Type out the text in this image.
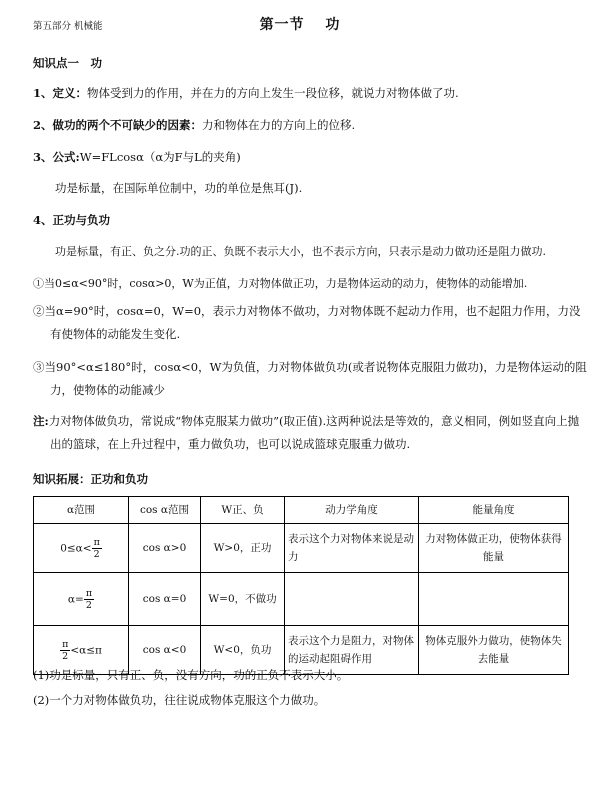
第五部分 机械能	第一节　 功
知识点一　功
1、定义：物体受到力的作用，并在力的方向上发生一段位移，就说力对物体做了功.
2、做功的两个不可缺少的因素：力和物体在力的方向上的位移.
3、公式:W=FLcosα（α为F与L的夹角)
功是标量，在国际单位制中，功的单位是焦耳(J).
4、正功与负功
功是标量，有正、负之分.功的正、负既不表示大小，也不表示方向，只表示是动力做功还是阻力做功.
①当0≤α<90°时，cosα>0，W为正值，力对物体做正功，力是物体运动的动力，使物体的动能增加.
②当α=90°时，cosα=0，W=0，表示力对物体不做功，力对物体既不起动力作用，也不起阻力作用，力没有使物体的动能发生变化.
③当90°<α≤180°时，cosα<0，W为负值，力对物体做负功(或者说物体克服阻力做功)，力是物体运动的阻力，使物体的动能减少
注:力对物体做负功，常说成“物体克服某力做功”(取正值).这两种说法是等效的，意义相同，例如竖直向上抛出的篮球，在上升过程中，重力做负功，也可以说成篮球克服重力做功.
知识拓展：正功和负功
α范围	cos α范围	W正、负	动力学角度	能量角度
$0\le\alpha< \frac{\pi}{2}$	cos α>0	W>0，正功	表示这个力对物体来说是动力	力对物体做正功，使物体获得能量
$\alpha= \frac{\pi}{2}$	cos α=0	W=0，不做功		

$\frac{\pi}{2} <\alpha\le\pi$	cos α<0	W<0，负功	表示这个力是阻力，对物体的运动起阻碍作用	物体克服外力做功，使物体失去能量
(1)功是标量，只有正、负，没有方向，功的正负不表示大小。
(2)一个力对物体做负功，往往说成物体克服这个力做功。
